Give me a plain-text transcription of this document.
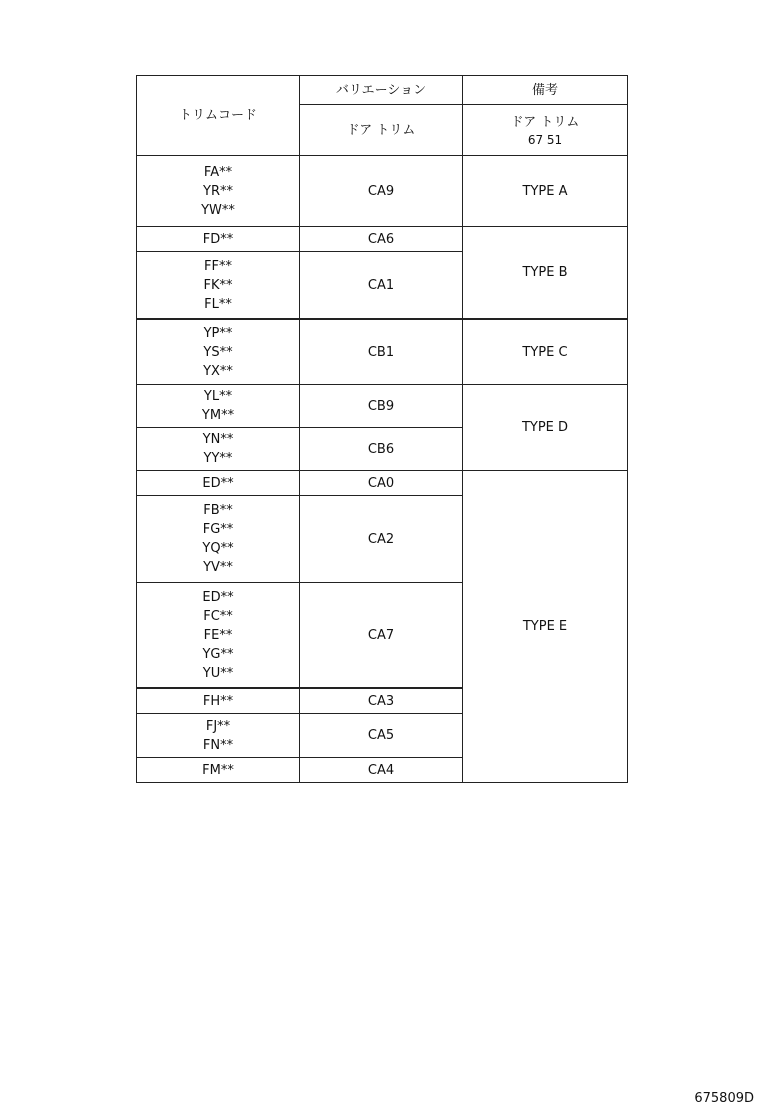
トリムコード
バリエーション
ドア トリム
備考
ドア トリム
67 51
FA**
YR**
YW**
FD**
FF**
FK**
FL**
YP**
YS**
YX**
YL**
YM**
YN**
YY**
ED**
FB**
FG**
YQ**
YV**
ED**
FC**
FE**
YG**
YU**
FH**
FJ**
FN**
FM**
CA9
CA6
CA1
CB1
CB9
CB6
CA0
CA2
CA7
CA3
CA5
CA4
TYPE A
TYPE B
TYPE C
TYPE D
TYPE E
675809D
